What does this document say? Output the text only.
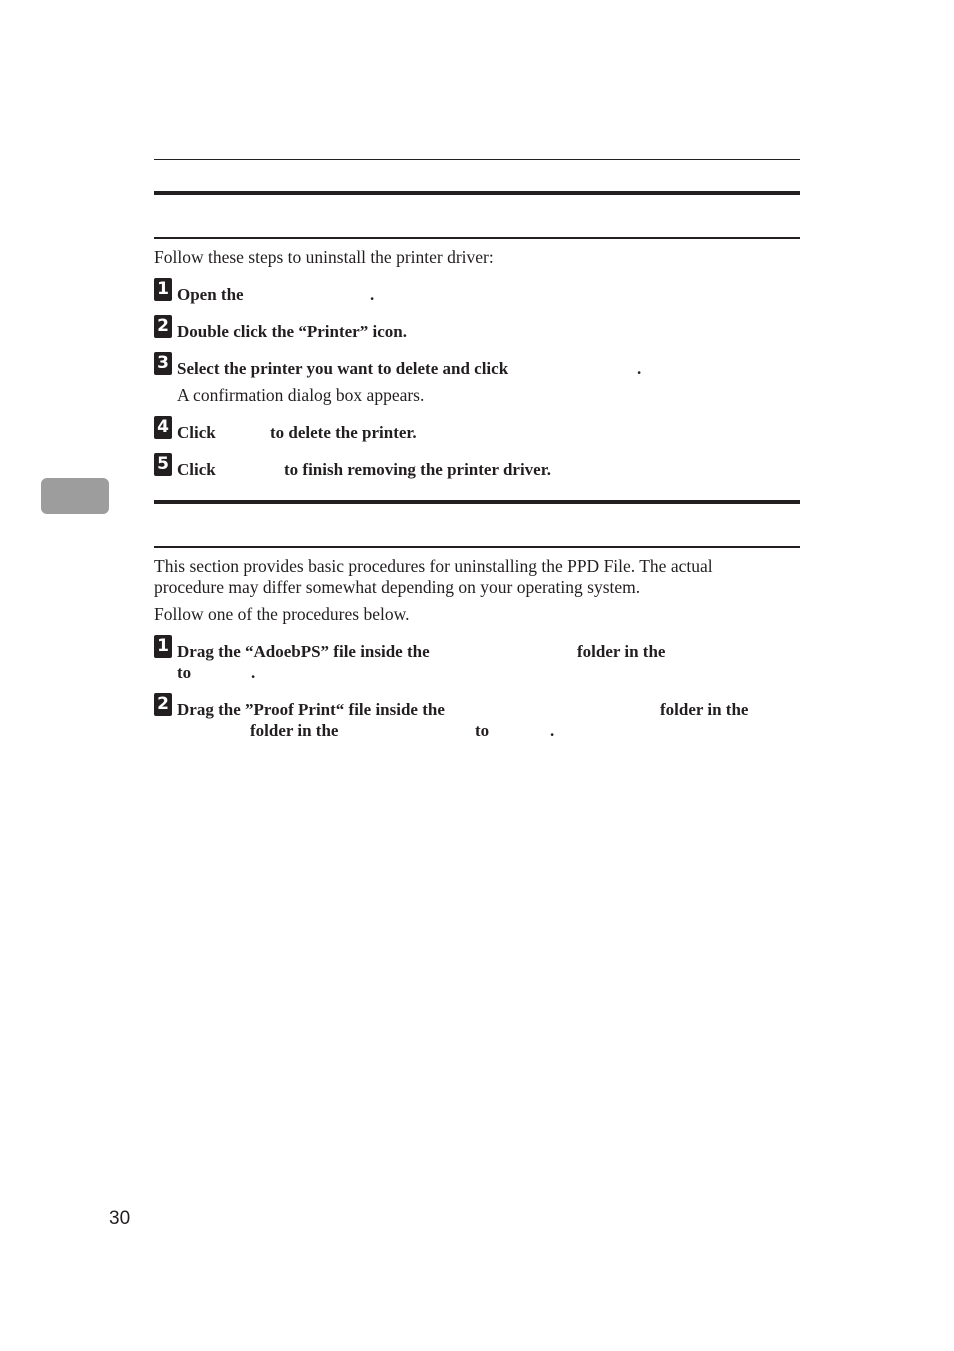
Follow these steps to uninstall the printer driver:
1 Open the	.
2 Double click the “Printer” icon.
3 Select the printer you want to delete and click	.
A confirmation dialog box appears.
4 Click	to delete the printer.
5 Click	to finish removing the printer driver.
This section provides basic procedures for uninstalling the PPD File. The actual
procedure may differ somewhat depending on your operating system.
Follow one of the procedures below.
1 Drag the “AdoebPS” file inside the	folder in the
to	.
2 Drag the ”Proof Print“ file inside the	folder in the
folder in the	to	.
30
